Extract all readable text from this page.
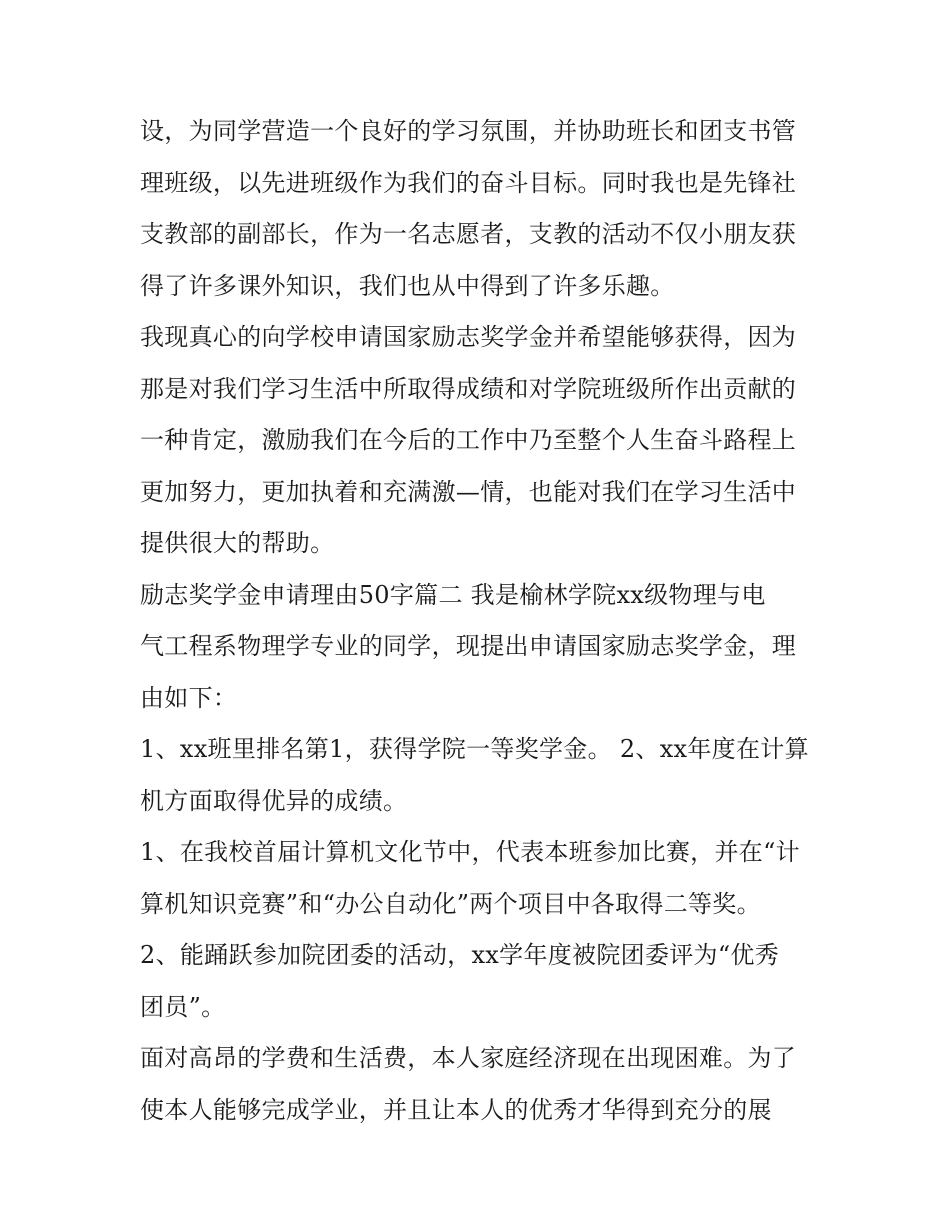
设，为同学营造一个良好的学习氛围，并协助班长和团支书管
理班级，以先进班级作为我们的奋斗目标。同时我也是先锋社
支教部的副部长，作为一名志愿者，支教的活动不仅小朋友获
得了许多课外知识，我们也从中得到了许多乐趣。
我现真心的向学校申请国家励志奖学金并希望能够获得，因为
那是对我们学习生活中所取得成绩和对学院班级所作出贡献的
一种肯定，激励我们在今后的工作中乃至整个人生奋斗路程上
更加努力，更加执着和充满激—情，也能对我们在学习生活中
提供很大的帮助。
励志奖学金申请理由50字篇二 我是榆林学院xx级物理与电
气工程系物理学专业的同学，现提出申请国家励志奖学金，理
由如下：
1、xx班里排名第1，获得学院一等奖学金。 2、xx年度在计算
机方面取得优异的成绩。
1、在我校首届计算机文化节中，代表本班参加比赛，并在“计
算机知识竞赛”和“办公自动化”两个项目中各取得二等奖。
2、能踊跃参加院团委的活动，xx学年度被院团委评为“优秀
团员”。
面对高昂的学费和生活费，本人家庭经济现在出现困难。为了
使本人能够完成学业，并且让本人的优秀才华得到充分的展
